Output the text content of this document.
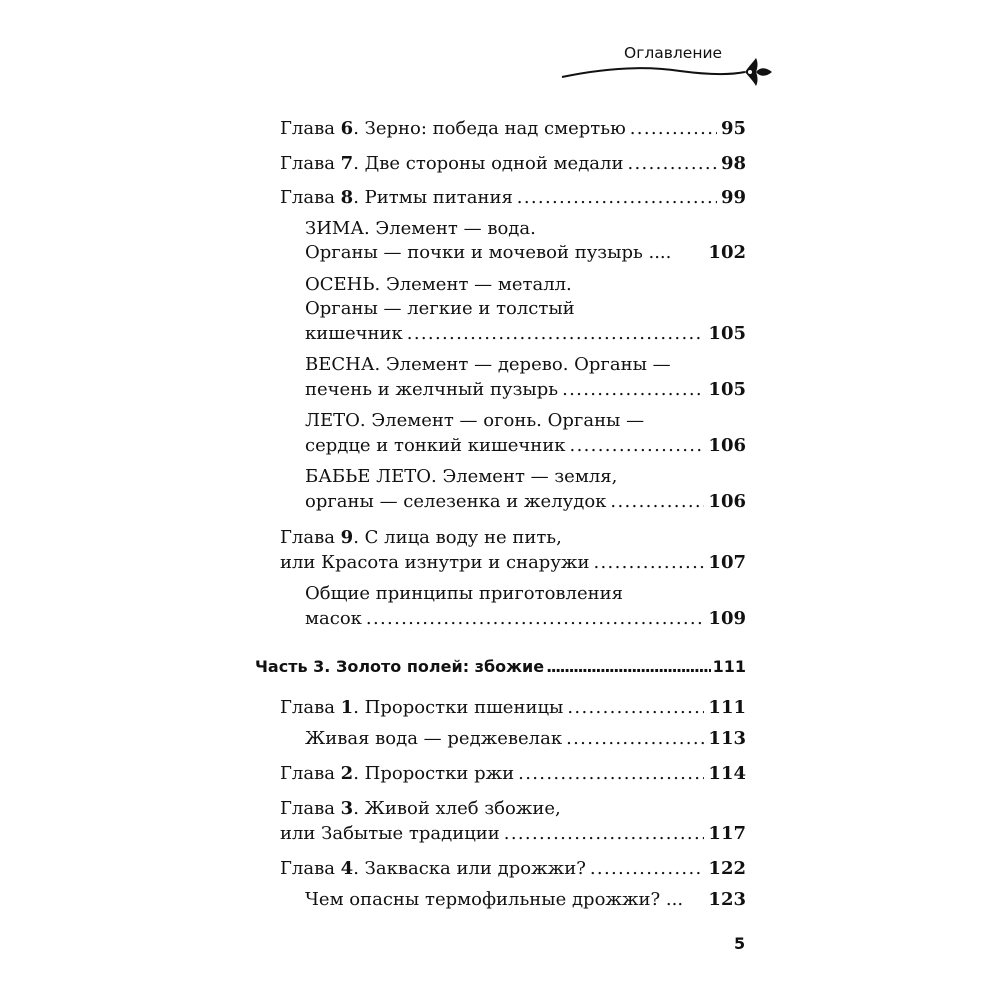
Оглавление
Глава 6. Зерно: победа над смертью . . .	95
Глава 7. Две стороны одной медали . . .	98
Глава 8. Ритмы питания . . .	99
ЗИМА. Элемент — вода.
Органы — почки и мочевой пузырь .... 102
ОСЕНЬ. Элемент — металл.
Органы — легкие и толстый
кишечник . . .	105
ВЕСНА. Элемент — дерево. Органы —
печень и желчный пузырь . . .	105
ЛЕТО. Элемент — огонь. Органы —
сердце и тонкий кишечник . . .	106
БАБЬЕ ЛЕТО. Элемент — земля,
органы — селезенка и желудок . . .	106
Глава 9. С лица воду не пить,
или Красота изнутри и снаружи . . .	107
Общие принципы приготовления
масок . . .	109
Часть 3. Золото полей: збожие .....	111
Глава 1. Проростки пшеницы . . .	111
Живая вода — реджевелак . . .	113
Глава 2. Проростки ржи . . .	114
Глава 3. Живой хлеб збожие,
или Забытые традиции . . .	117
Глава 4. Закваска или дрожжи? . . .	122
Чем опасны термофильные дрожжи? ... 123
5
